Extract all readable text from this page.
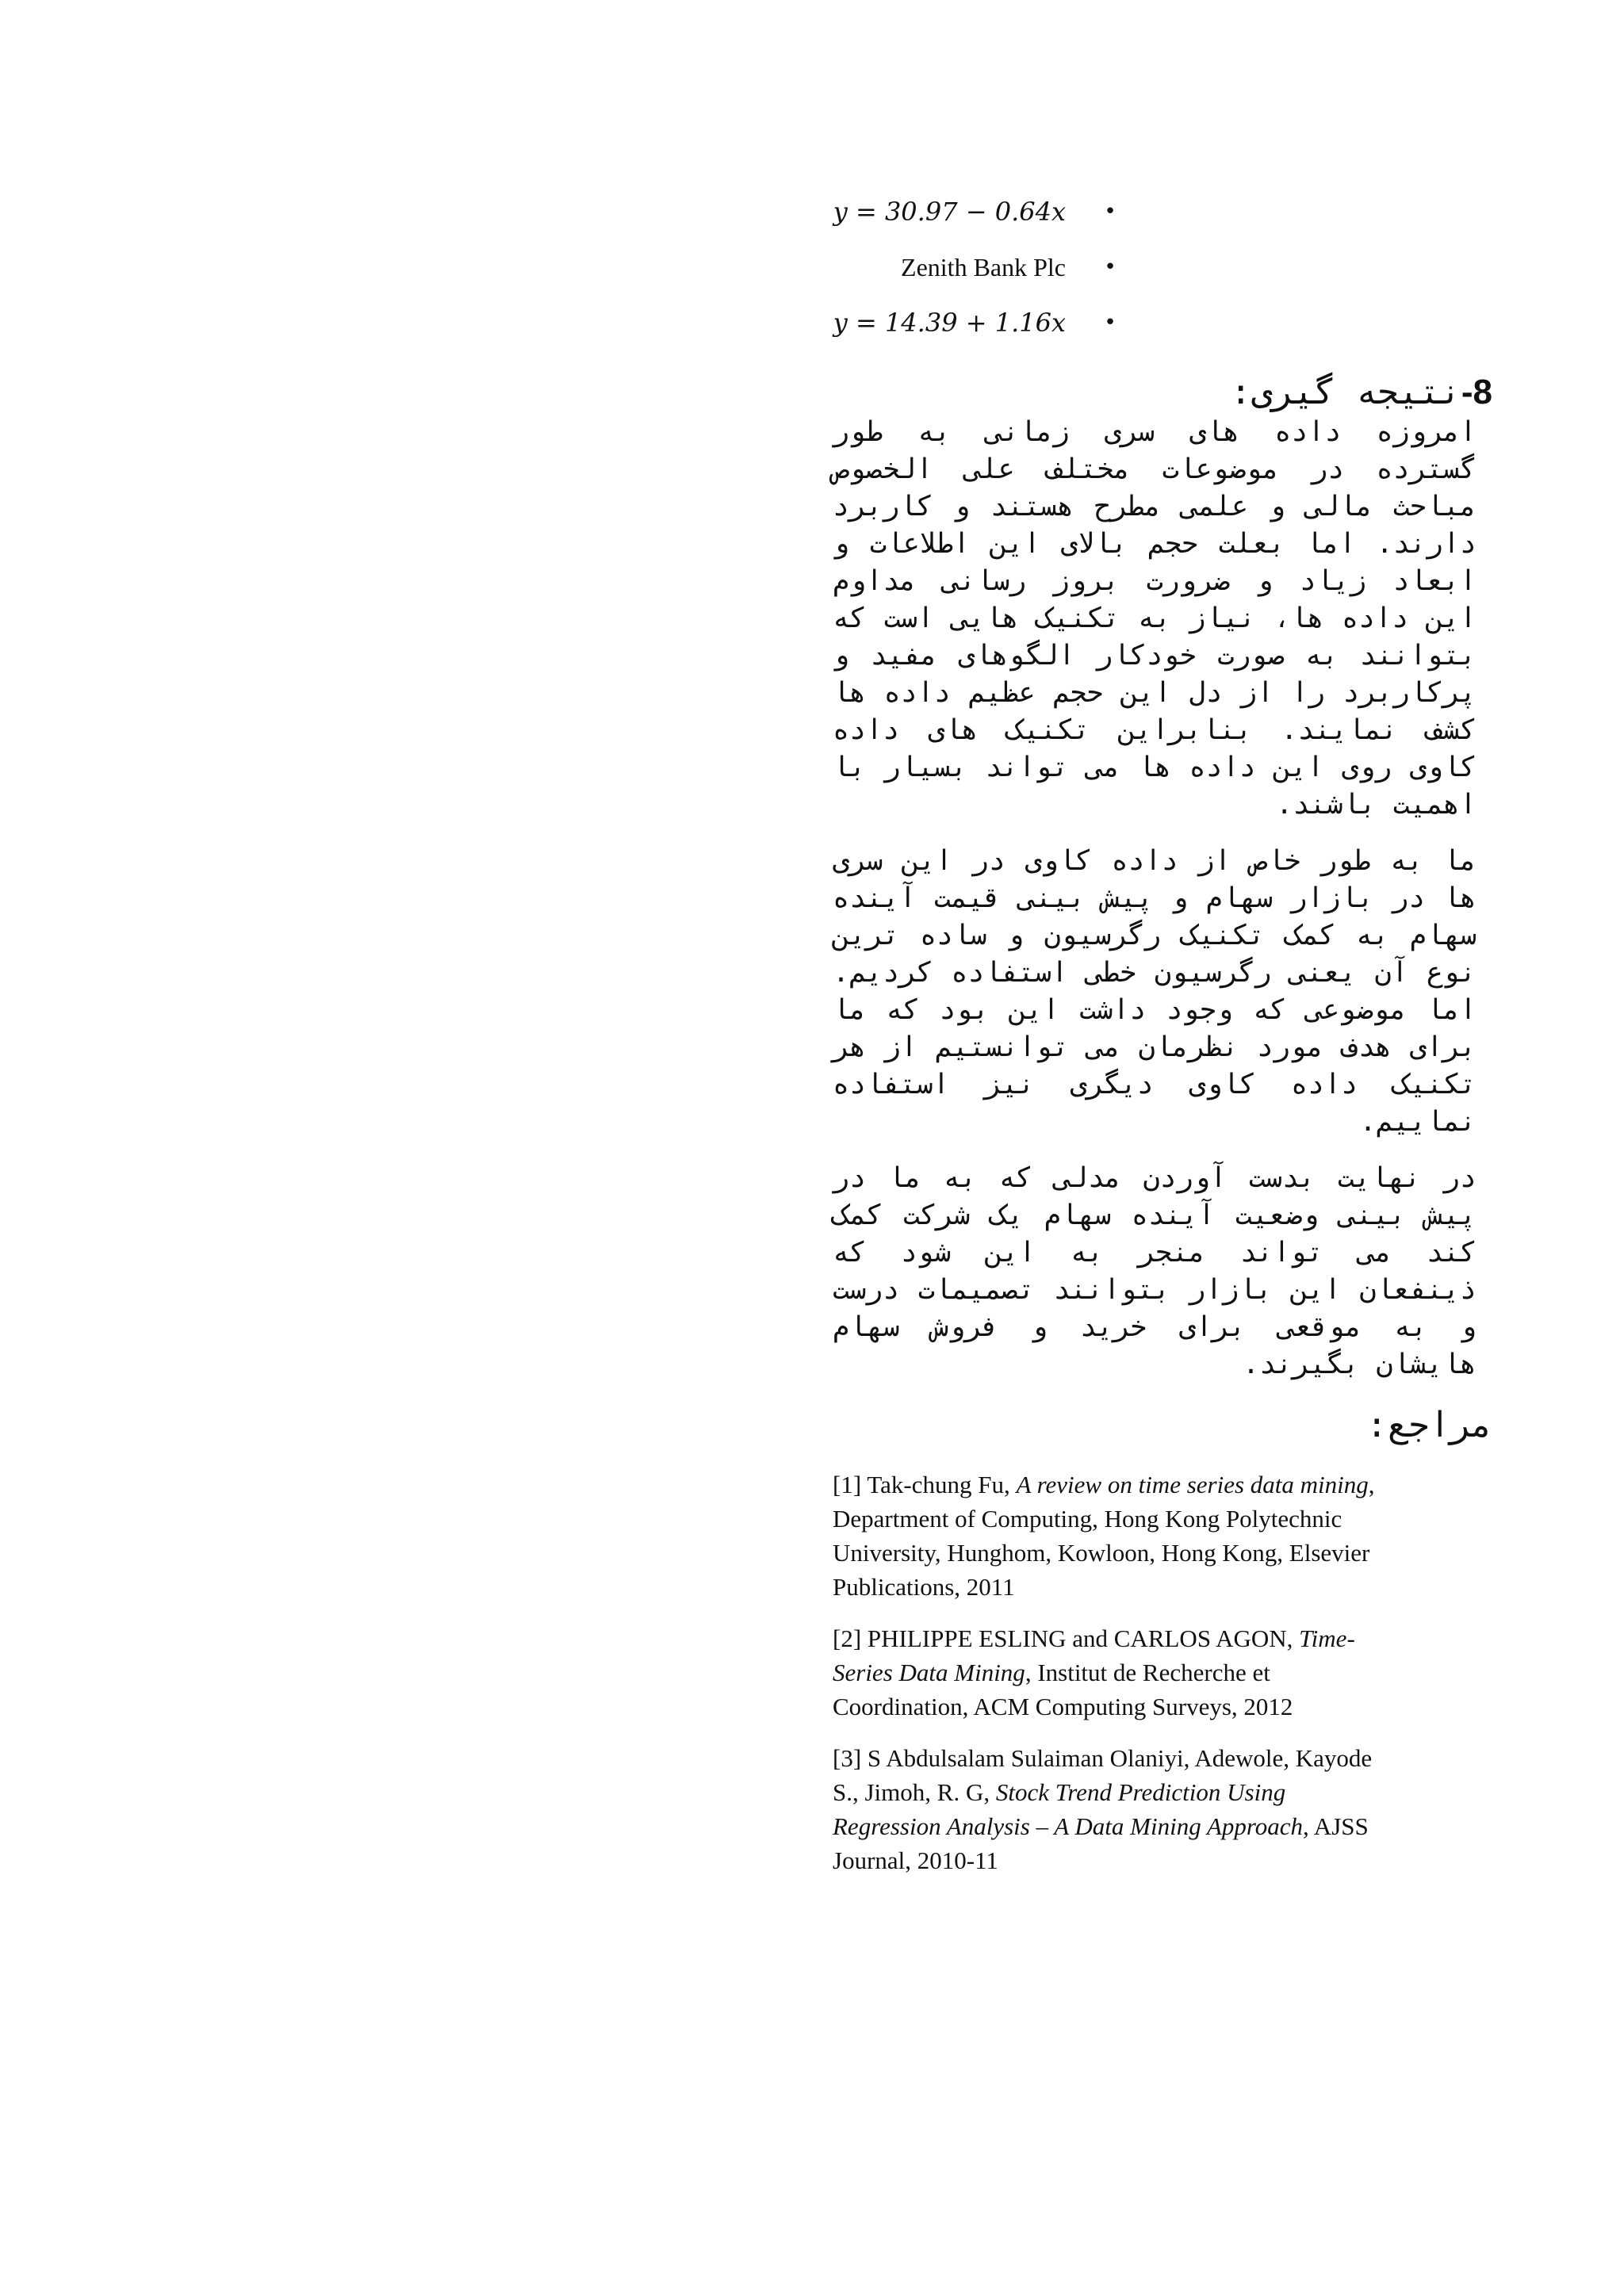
y = 30.97 − 0.64x •
Zenith Bank Plc •
y = 14.39 + 1.16x •
8-نتیجه گیری:

امروزه داده های سری زمانی به طور گسترده در موضوعات مختلف علی الخصوص مباحث مالی و علمی مطرح هستند و کاربرد دارند. اما بعلت حجم بالای این اطلاعات و ابعاد زیاد و ضرورت بروز رسانی مداوم این داده ها، نیاز به تکنیک هایی است که بتوانند به صورت خودکار الگوهای مفید و پرکاربرد را از دل این حجم عظیم داده ها کشف نمایند. بنابراین تکنیک های داده کاوی روی این داده ها می تواند بسیار با اهمیت باشند.

ما به طور خاص از داده کاوی در این سری ها در بازار سهام و پیش بینی قیمت آینده سهام به کمک تکنیک رگرسیون و ساده ترین نوع آن یعنی رگرسیون خطی استفاده کردیم. اما موضوعی که وجود داشت این بود که ما برای هدف مورد نظرمان می توانستیم از هر تکنیک داده کاوی دیگری نیز استفاده نماییم.

در نهایت بدست آوردن مدلی که به ما در پیش بینی وضعیت آینده سهام یک شرکت کمک کند می تواند منجر به این شود که ذینفعان این بازار بتوانند تصمیمات درست و به موقعی برای خرید و فروش سهام هایشان بگیرند.

مراجع:

[1] Tak-chung Fu, A review on time series data mining, Department of Computing, Hong Kong Polytechnic University, Hunghom, Kowloon, Hong Kong, Elsevier Publications, 2011

[2] PHILIPPE ESLING and CARLOS AGON, Time-Series Data Mining, Institut de Recherche et Coordination, ACM Computing Surveys, 2012

[3] S Abdulsalam Sulaiman Olaniyi, Adewole, Kayode S., Jimoh, R. G, Stock Trend Prediction Using Regression Analysis – A Data Mining Approach, AJSS Journal, 2010-11
